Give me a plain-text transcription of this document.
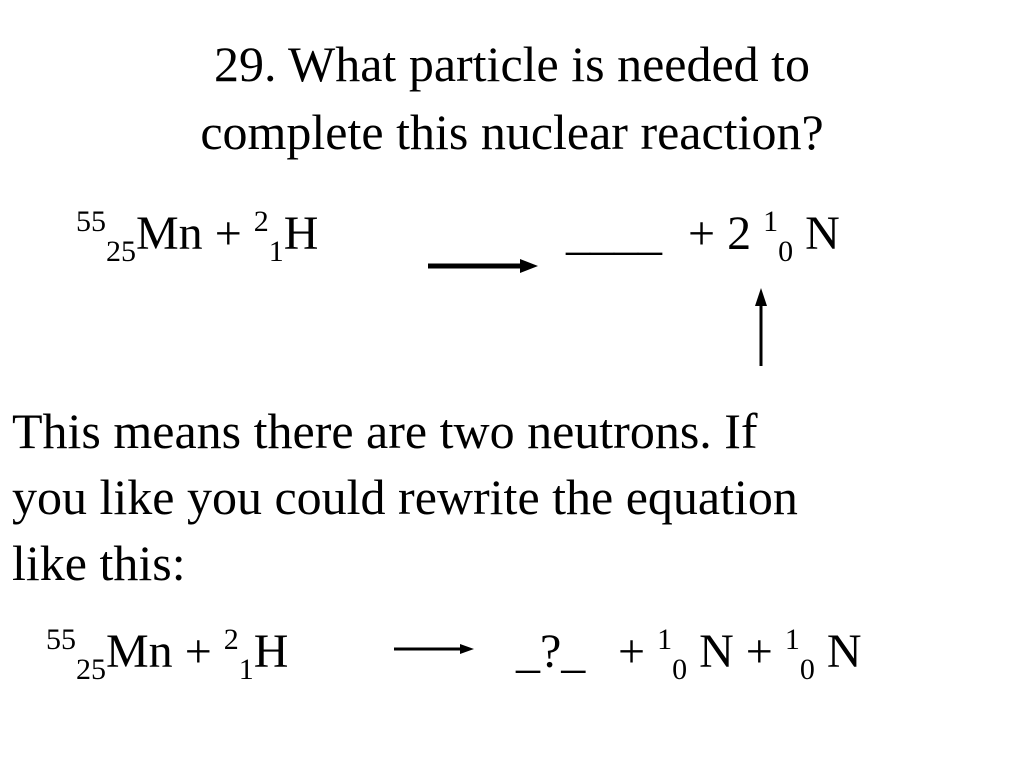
29. What particle is needed to
complete this nuclear reaction?
$^{55}_{25}$Mn + $^2_1$H	____ + 2 $^1_0$ N
This means there are two neutrons. If
you like you could rewrite the equation
like this:
$^{55}_{25}$Mn + $^2_1$H	_?_ + $^1_0$ N + $^1_0$ N
